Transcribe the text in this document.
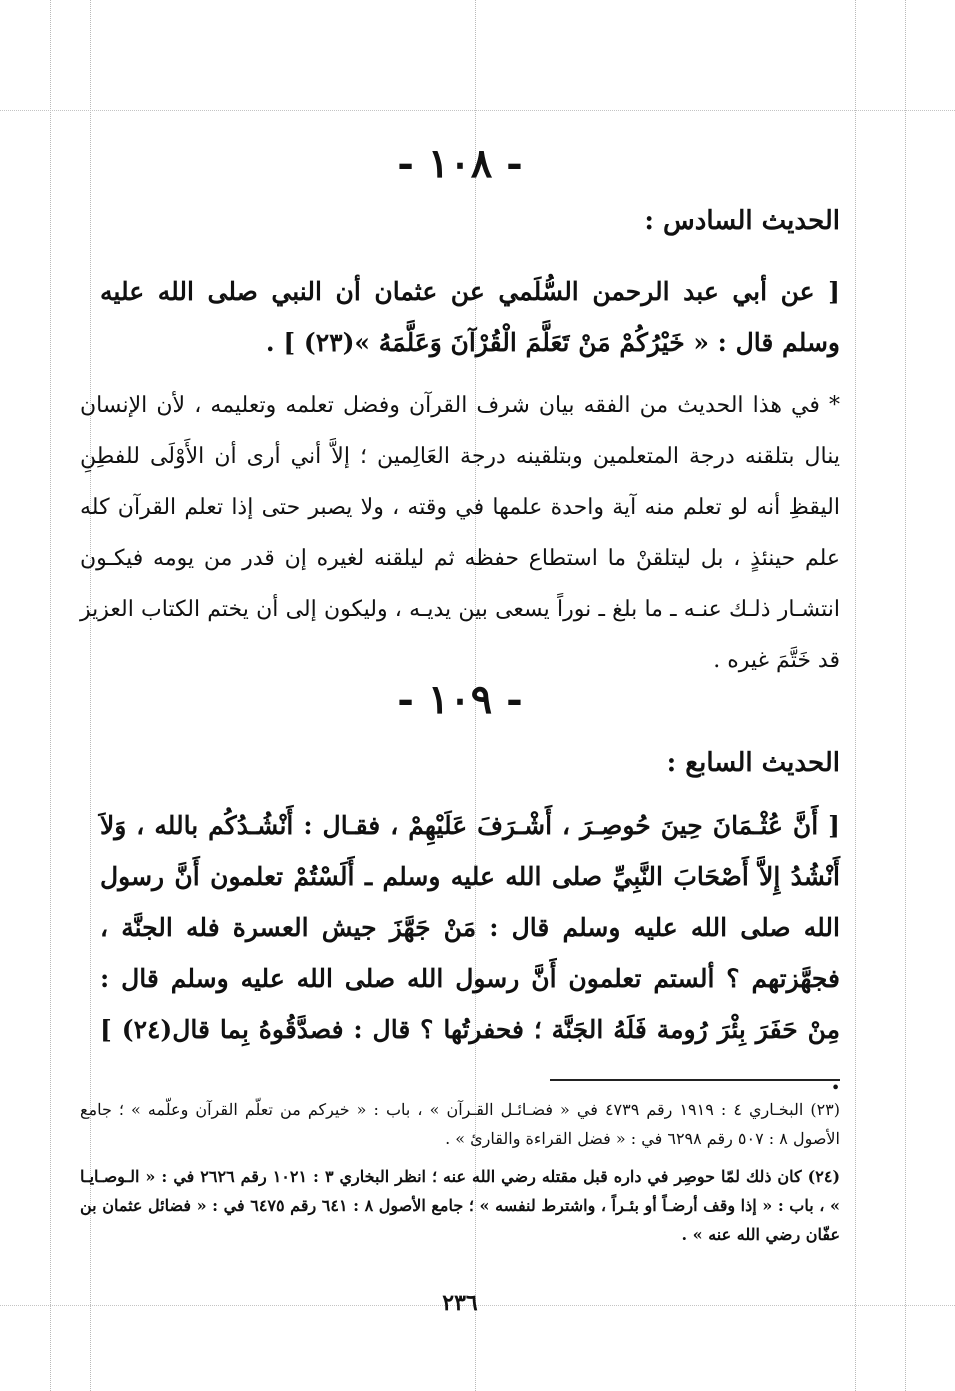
- ١٠٨ -
الحديث السادس :
[ عن أبي عبد الرحمن السُّلَمي عن عثمان أن النبي صلى الله عليه وسلم قال : « خَيْرُكُمْ مَنْ تَعَلَّمَ الْقُرْآنَ وَعَلَّمَهُ »(٢٣) ] .
* في هذا الحديث من الفقه بيان شرف القرآن وفضل تعلمه وتعليمه ، لأن الإنسان ينال بتلقنه درجة المتعلمين وبتلقينه درجة العَالِمين ؛ إلاَّ أني أرى أن الأَوْلَى للفطِنِ اليقظِ أنه لو تعلم منه آية واحدة علمها في وقته ، ولا يصبر حتى إذا تعلم القرآن كله علم حينئذٍ ، بل ليتلقنْ ما استطاع حفظه ثم ليلقنه لغيره إن قدر من يومه فيكـون انتشـار ذلـك عنـه ـ ما بلغ ـ نوراً يسعى بين يديـه ، وليكون إلى أن يختم الكتاب العزيز قد خَتَّمَ غيره .
- ١٠٩ -
الحديث السابع :
[ أَنَّ عُثْـمَانَ حِينَ حُوصِـرَ ، أَشْـرَفَ عَلَيْهِمْ ، فقـال : أَنْشُـدُكُم بالله ، وَلاَ أَنْشُدُ إِلاَّ أَصْحَابَ النَّبِيِّ صلى الله عليه وسلم ـ أَلَسْتُمْ تعلمون أَنَّ رسول الله صلى الله عليه وسلم قال : مَنْ جَهَّزَ جيش العسرة فله الجنَّة ، فجهَّزتهم ؟ ألستم تعلمون أَنَّ رسول الله صلى الله عليه وسلم قال : مِنْ حَفَرَ بِئْرَ رُومة فَلَهُ الجَنَّة ؛ فحفرتُها ؟ قال : فصدَّقُوهُ بِما قال(٢٤) ] .
(٢٣) البخـاري ٤ : ١٩١٩ رقم ٤٧٣٩ في « فضـائـل القـرآن » ، باب : « خيركم من تعلّم القرآن وعلّمه » ؛ جامع الأصول ٨ : ٥٠٧ رقم ٦٢٩٨ في : « فضل القراءة والقارئ » .
(٢٤) كان ذلك لمّا حوصِر في داره قبل مقتله رضي الله عنه ؛ انظر البخاري ٣ : ١٠٢١ رقم ٢٦٢٦ في : « الـوصـايـا » ، باب : « إذا وقف أرضـاً أو بئـراً ، واشترط لنفسه » ؛ جامع الأصول ٨ : ٦٤١ رقم ٦٤٧٥ في : « فضائل عثمان بن عفّان رضي الله عنه » .
٢٣٦
